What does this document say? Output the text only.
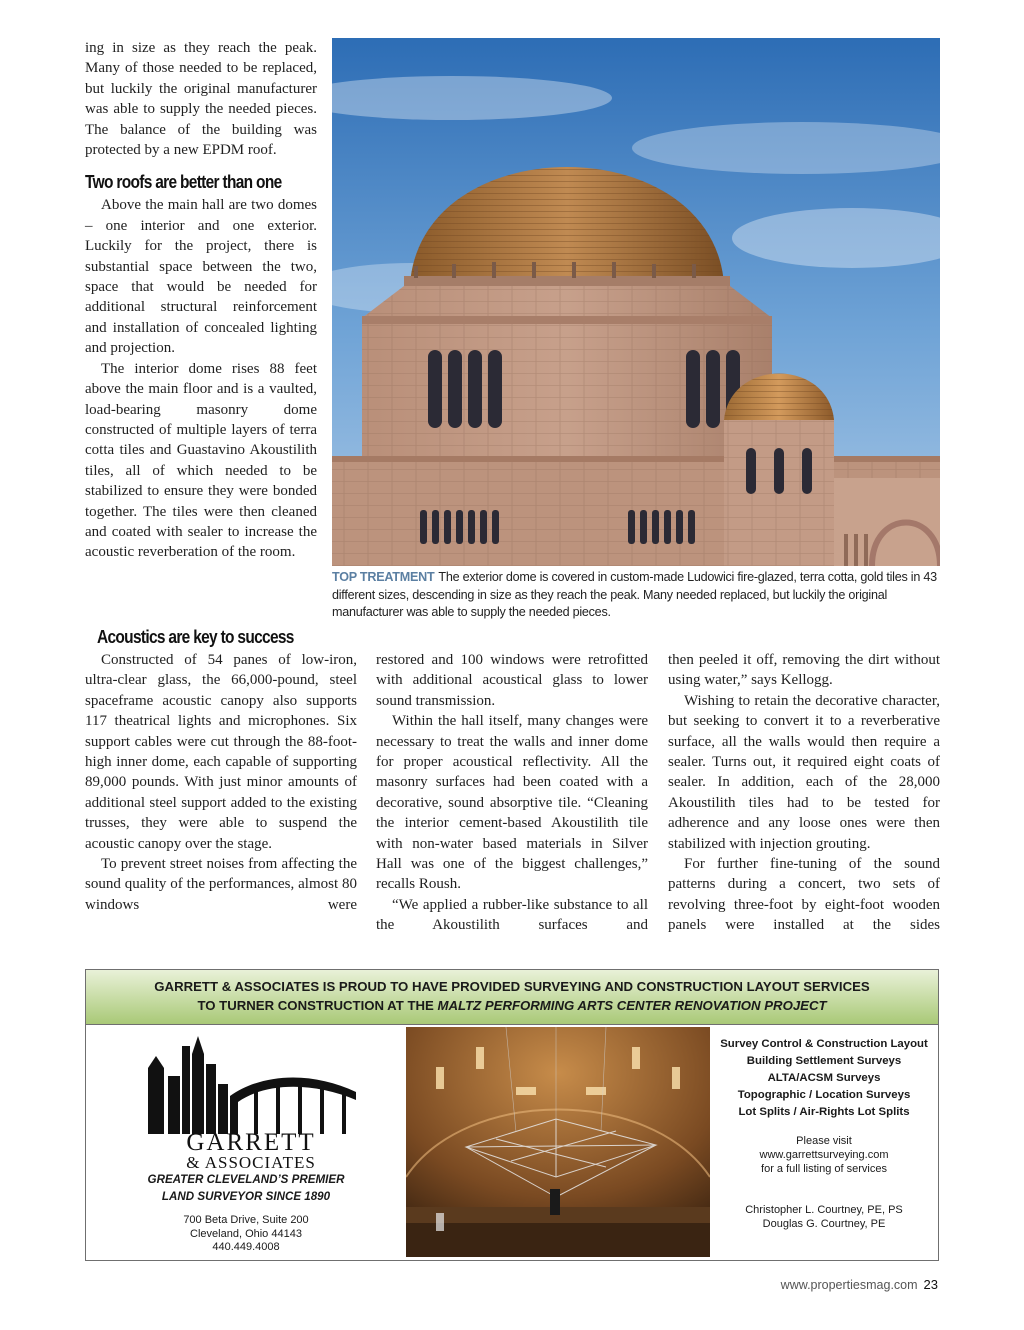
ing in size as they reach the peak. Many of those needed to be replaced, but luckily the original manufacturer was able to supply the needed pieces. The balance of the building was protected by a new EPDM roof.

Two roofs are better than one

Above the main hall are two domes – one interior and one exterior. Luckily for the project, there is substantial space between the two, space that would be needed for additional structural reinforcement and installation of concealed lighting and projection.

The interior dome rises 88 feet above the main floor and is a vaulted, load-bearing masonry dome constructed of multiple layers of terra cotta tiles and Guastavino Akoustilith tiles, all of which needed to be stabilized to ensure they were bonded together. The tiles were then cleaned and coated with sealer to increase the acoustic reverberation of the room.

Acoustics are key to success

Constructed of 54 panes of low-iron, ultra-clear glass, the 66,000-pound, steel spaceframe acoustic canopy also supports 117 theatrical lights and microphones. Six support cables were cut through the 88-foot-high inner dome, each capable of supporting 89,000 pounds. With just minor amounts of additional steel support added to the existing trusses, they were able to suspend the acoustic canopy over the stage.

To prevent street noises from affecting the sound quality of the performances, almost 80 windows were

restored and 100 windows were retrofitted with additional acoustical glass to lower sound transmission.

Within the hall itself, many changes were necessary to treat the walls and inner dome for proper acoustical reflectivity. All the masonry surfaces had been coated with a decorative, sound absorptive tile. “Cleaning the interior cement-based Akoustilith tile with non-water based materials in Silver Hall was one of the biggest challenges,” recalls Roush.

“We applied a rubber-like substance to all the Akoustilith surfaces and

then peeled it off, removing the dirt without using water,” says Kellogg.

Wishing to retain the decorative character, but seeking to convert it to a reverberative surface, all the walls would then require a sealer. Turns out, it required eight coats of sealer. In addition, each of the 28,000 Akoustilith tiles had to be tested for adherence and any loose ones were then stabilized with injection grouting.

For further fine-tuning of the sound patterns during a concert, two sets of revolving three-foot by eight-foot wooden panels were installed at the sides

TOP TREATMENT The exterior dome is covered in custom-made Ludowici fire-glazed, terra cotta, gold tiles in 43 different sizes, descending in size as they reach the peak. Many needed replaced, but luckily the original manufacturer was able to supply the needed pieces.
GARRETT & ASSOCIATES IS PROUD TO HAVE PROVIDED SURVEYING AND CONSTRUCTION LAYOUT SERVICES
TO TURNER CONSTRUCTION AT THE MALTZ PERFORMING ARTS CENTER RENOVATION PROJECT
GARRETT
& ASSOCIATES
GREATER CLEVELAND’S PREMIER
LAND SURVEYOR SINCE 1890
700 Beta Drive, Suite 200
Cleveland, Ohio 44143
440.449.4008
Survey Control & Construction Layout
Building Settlement Surveys
ALTA/ACSM Surveys
Topographic / Location Surveys
Lot Splits / Air-Rights Lot Splits
Please visit
www.garrettsurveying.com
for a full listing of services
Christopher L. Courtney, PE, PS
Douglas G. Courtney, PE
www.propertiesmag.com 23
